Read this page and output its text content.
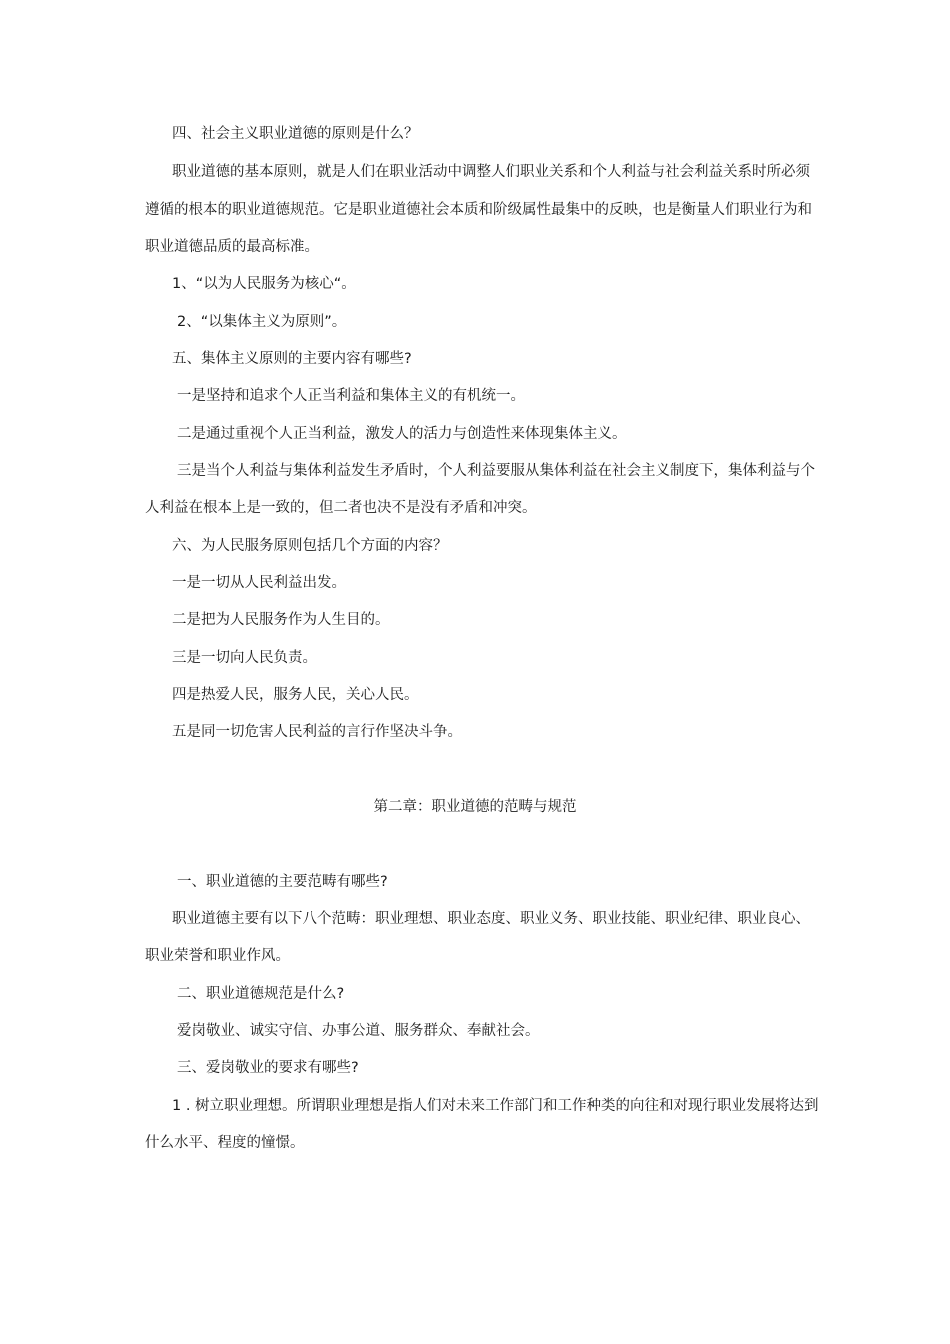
四、社会主义职业道德的原则是什么？
职业道德的基本原则，就是人们在职业活动中调整人们职业关系和个人利益与社会利益关系时所必须
遵循的根本的职业道德规范。它是职业道德社会本质和阶级属性最集中的反映，也是衡量人们职业行为和
职业道德品质的最高标准。
1、“以为人民服务为核心“。
2、“以集体主义为原则”。
五、集体主义原则的主要内容有哪些?
一是坚持和追求个人正当利益和集体主义的有机统一。
二是通过重视个人正当利益，激发人的活力与创造性来体现集体主义。
三是当个人利益与集体利益发生矛盾时，个人利益要服从集体利益在社会主义制度下，集体利益与个
人利益在根本上是一致的，但二者也决不是没有矛盾和冲突。
六、为人民服务原则包括几个方面的内容？
一是一切从人民利益出发。
二是把为人民服务作为人生目的。
三是一切向人民负责。
四是热爱人民，服务人民，关心人民。
五是同一切危害人民利益的言行作坚决斗争。
第二章：职业道德的范畴与规范
一、职业道德的主要范畴有哪些?
职业道德主要有以下八个范畴：职业理想、职业态度、职业义务、职业技能、职业纪律、职业良心、
职业荣誉和职业作风。
二、职业道德规范是什么?
爱岗敬业、诚实守信、办事公道、服务群众、奉献社会。
三、爱岗敬业的要求有哪些?
1 . 树立职业理想。所谓职业理想是指人们对未来工作部门和工作种类的向往和对现行职业发展将达到
什么水平、程度的憧憬。
